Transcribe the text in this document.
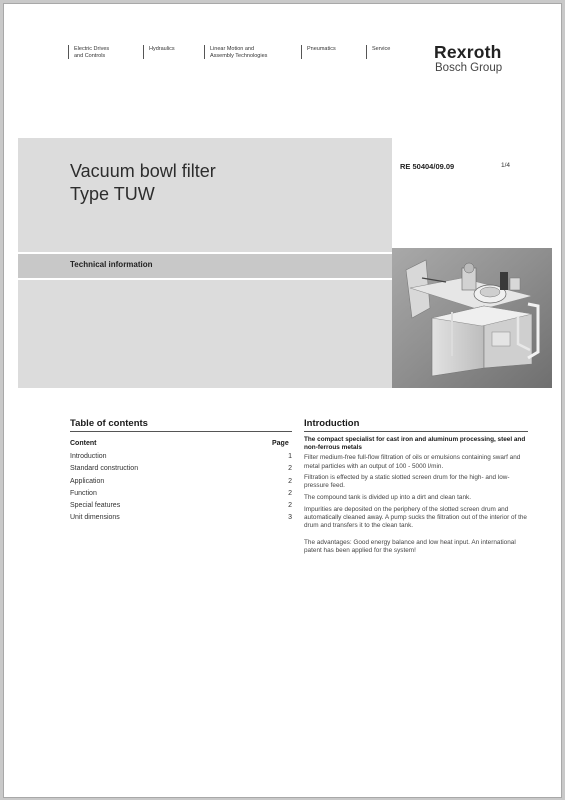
Electric Drives
and Controls
Hydraulics	Linear Motion and
Assembly Technologies
Pneumatics	Service Rexroth
Bosch Group
Vacuum bowl filter
Type TUW
RE 50404/09.09	1/4
Technical information
Table of contents
Content	Page
Introduction	1
Standard construction	2
Application	2
Function	2
Special features	2
Unit dimensions	3
Introduction

The compact specialist for cast iron and aluminum processing, steel and non-ferrous metals

Filter medium-free full-flow filtration of oils or emulsions containing swarf and metal particles with an output of 100 - 5000 l/min.

Filtration is effected by a static slotted screen drum for the high- and low-pressure feed.

The compound tank is divided up into a dirt and clean tank.

Impurities are deposited on the periphery of the slotted screen drum and automatically cleaned away. A pump sucks the filtration out of the interior of the drum and transfers it to the clean tank.

The advantages: Good energy balance and low heat input. An international patent has been applied for the system!
